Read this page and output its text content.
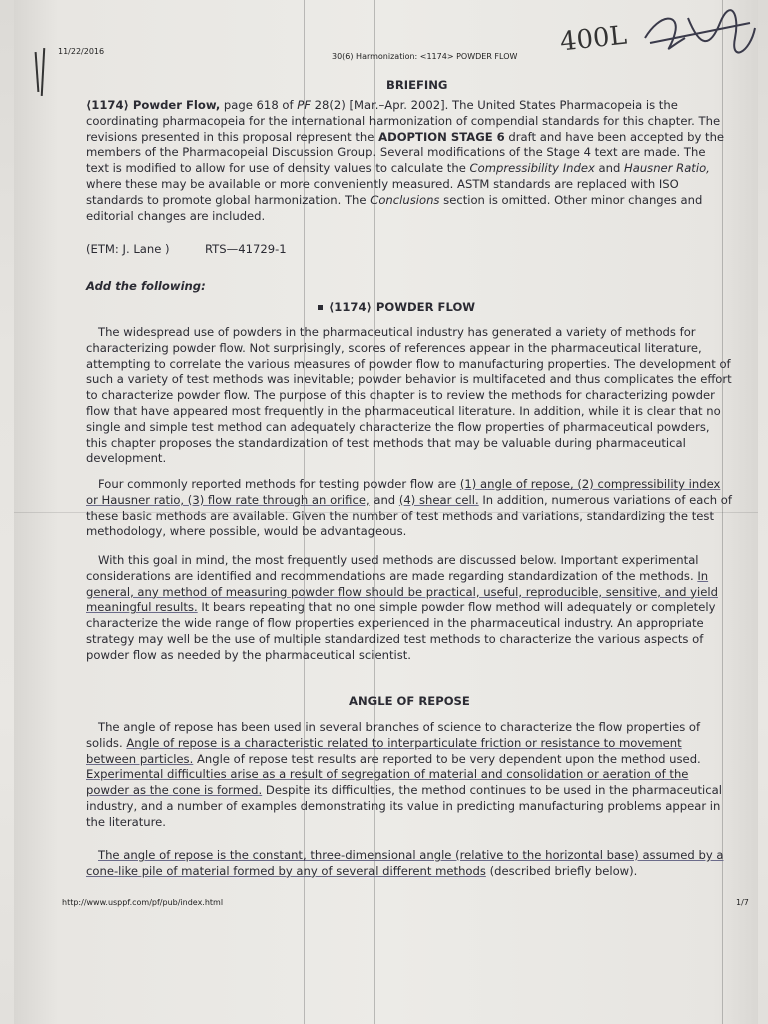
11/22/2016
30(6) Harmonization: <1174> POWDER FLOW 400L
BRIEFING
⟨1174⟩ Powder Flow, page 618 of PF 28(2) [Mar.–Apr. 2002]. The United States Pharmacopeia is the coordinating pharmacopeia for the international harmonization of compendial standards for this chapter. The revisions presented in this proposal represent the ADOPTION STAGE 6 draft and have been accepted by the members of the Pharmacopeial Discussion Group. Several modifications of the Stage 4 text are made. The text is modified to allow for use of density values to calculate the Compressibility Index and Hausner Ratio, where these may be available or more conveniently measured. ASTM standards are replaced with ISO standards to promote global harmonization. The Conclusions section is omitted. Other minor changes and editorial changes are included.
(ETM: J. Lane )	RTS—41729-1
Add the following:
⟨1174⟩ POWDER FLOW
The widespread use of powders in the pharmaceutical industry has generated a variety of methods for characterizing powder flow. Not surprisingly, scores of references appear in the pharmaceutical literature, attempting to correlate the various measures of powder flow to manufacturing properties. The development of such a variety of test methods was inevitable; powder behavior is multifaceted and thus complicates the effort to characterize powder flow. The purpose of this chapter is to review the methods for characterizing powder flow that have appeared most frequently in the pharmaceutical literature. In addition, while it is clear that no single and simple test method can adequately characterize the flow properties of pharmaceutical powders, this chapter proposes the standardization of test methods that may be valuable during pharmaceutical development.
Four commonly reported methods for testing powder flow are (1) angle of repose, (2) compressibility index or Hausner ratio, (3) flow rate through an orifice, and (4) shear cell. In addition, numerous variations of each of these basic methods are available. Given the number of test methods and variations, standardizing the test methodology, where possible, would be advantageous.
With this goal in mind, the most frequently used methods are discussed below. Important experimental considerations are identified and recommendations are made regarding standardization of the methods. In general, any method of measuring powder flow should be practical, useful, reproducible, sensitive, and yield meaningful results. It bears repeating that no one simple powder flow method will adequately or completely characterize the wide range of flow properties experienced in the pharmaceutical industry. An appropriate strategy may well be the use of multiple standardized test methods to characterize the various aspects of powder flow as needed by the pharmaceutical scientist.
ANGLE OF REPOSE
The angle of repose has been used in several branches of science to characterize the flow properties of solids. Angle of repose is a characteristic related to interparticulate friction or resistance to movement between particles. Angle of repose test results are reported to be very dependent upon the method used. Experimental difficulties arise as a result of segregation of material and consolidation or aeration of the powder as the cone is formed. Despite its difficulties, the method continues to be used in the pharmaceutical industry, and a number of examples demonstrating its value in predicting manufacturing problems appear in the literature.
The angle of repose is the constant, three-dimensional angle (relative to the horizontal base) assumed by a cone-like pile of material formed by any of several different methods (described briefly below).
http://www.usppf.com/pf/pub/index.html	1/7
